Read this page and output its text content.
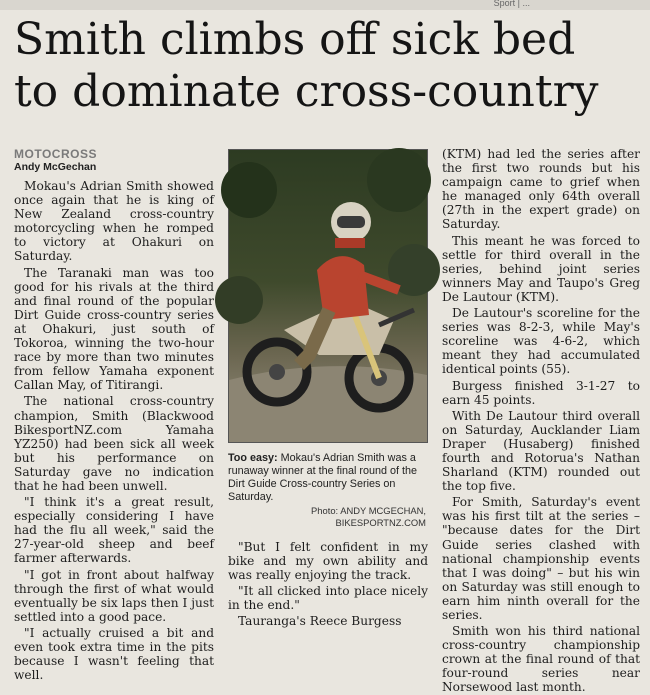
Sport | ...
Smith climbs off sick bed
to dominate cross-country
MOTOCROSS
Andy McGechan

Mokau's Adrian Smith showed once again that he is king of New Zealand cross-country motorcycling when he romped to victory at Ohakuri on Saturday.

The Taranaki man was too good for his rivals at the third and final round of the popular Dirt Guide cross-country series at Ohakuri, just south of Tokoroa, winning the two-hour race by more than two minutes from fellow Yamaha exponent Callan May, of Titirangi.

The national cross-country champion, Smith (Blackwood BikesportNZ.com Yamaha YZ250) had been sick all week but his performance on Saturday gave no indication that he had been unwell.

"I think it's a great result, especially considering I have had the flu all week," said the 27-year-old sheep and beef farmer afterwards.

"I got in front about halfway through the first of what would eventually be six laps then I just settled into a good pace.

"I actually cruised a bit and even took extra time in the pits because I wasn't feeling that well.

Too easy: Mokau's Adrian Smith was a runaway winner at the final round of the Dirt Guide Cross-country Series on Saturday.
Photo: ANDY MCGECHAN,
BIKESPORTNZ.COM

"But I felt confident in my bike and my own ability and was really enjoying the track.

"It all clicked into place nicely in the end."

Tauranga's Reece Burgess

(KTM) had led the series after the first two rounds but his campaign came to grief when he managed only 64th overall (27th in the expert grade) on Saturday.

This meant he was forced to settle for third overall in the series, behind joint series winners May and Taupo's Greg De Lautour (KTM).

De Lautour's scoreline for the series was 8-2-3, while May's scoreline was 4-6-2, which meant they had accumulated identical points (55).

Burgess finished 3-1-27 to earn 45 points.

With De Lautour third overall on Saturday, Aucklander Liam Draper (Husaberg) finished fourth and Rotorua's Nathan Sharland (KTM) rounded out the top five.

For Smith, Saturday's event was his first tilt at the series – "because dates for the Dirt Guide series clashed with national championship events that I was doing" – but his win on Saturday was still enough to earn him ninth overall for the series.

Smith won his third national cross-country championship crown at the final round of that four-round series near Norsewood last month.
